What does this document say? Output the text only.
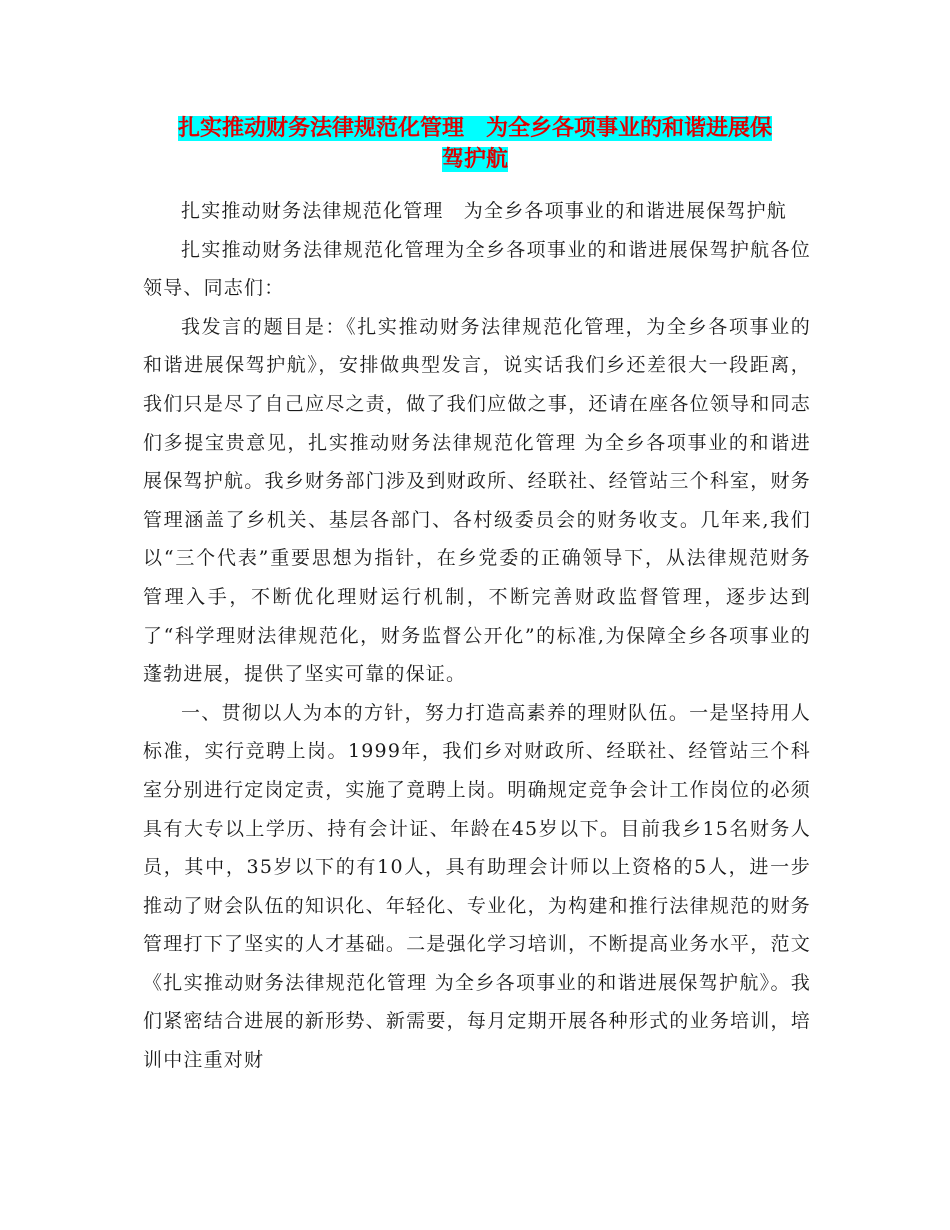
扎实推动财务法律规范化管理　为全乡各项事业的和谐进展保
驾护航

扎实推动财务法律规范化管理　为全乡各项事业的和谐进展保驾护航

扎实推动财务法律规范化管理为全乡各项事业的和谐进展保驾护航各位领导、同志们：

我发言的题目是：《扎实推动财务法律规范化管理，为全乡各项事业的和谐进展保驾护航》，安排做典型发言，说实话我们乡还差很大一段距离，我们只是尽了自己应尽之责，做了我们应做之事，还请在座各位领导和同志们多提宝贵意见，扎实推动财务法律规范化管理 为全乡各项事业的和谐进展保驾护航。我乡财务部门涉及到财政所、经联社、经管站三个科室，财务管理涵盖了乡机关、基层各部门、各村级委员会的财务收支。几年来,我们以“三个代表”重要思想为指针，在乡党委的正确领导下，从法律规范财务管理入手，不断优化理财运行机制，不断完善财政监督管理，逐步达到了“科学理财法律规范化，财务监督公开化”的标准,为保障全乡各项事业的蓬勃进展，提供了坚实可靠的保证。

一、贯彻以人为本的方针，努力打造高素养的理财队伍。一是坚持用人标准，实行竞聘上岗。1999年，我们乡对财政所、经联社、经管站三个科室分别进行定岗定责，实施了竟聘上岗。明确规定竞争会计工作岗位的必须具有大专以上学历、持有会计证、年龄在45岁以下。目前我乡15名财务人员，其中，35岁以下的有10人，具有助理会计师以上资格的5人，进一步推动了财会队伍的知识化、年轻化、专业化，为构建和推行法律规范的财务管理打下了坚实的人才基础。二是强化学习培训，不断提高业务水平，范文《扎实推动财务法律规范化管理 为全乡各项事业的和谐进展保驾护航》。我们紧密结合进展的新形势、新需要，每月定期开展各种形式的业务培训，培训中注重对财
